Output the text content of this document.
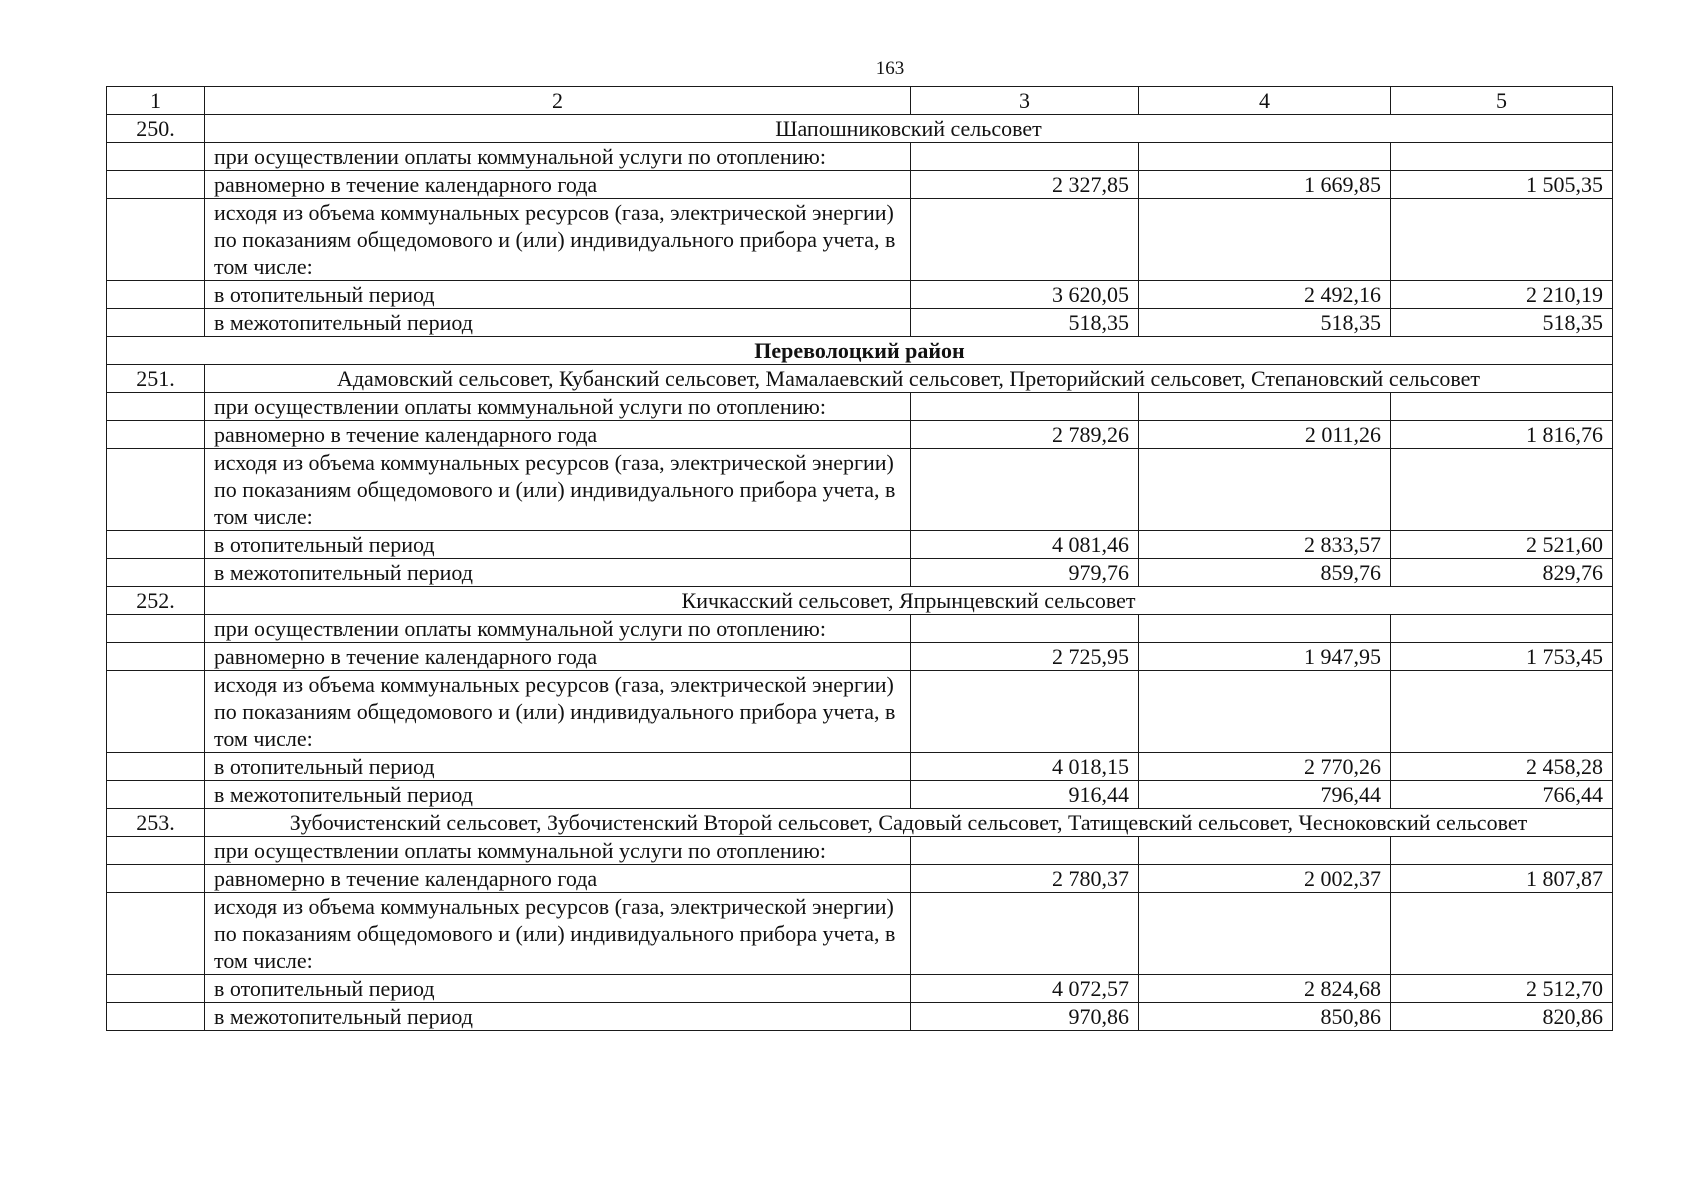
163
1	2	3	4	5
250.	Шапошниковский сельсовет			
	при осуществлении оплаты коммунальной услуги по отоплению:			
	равномерно в течение календарного года	2 327,85	1 669,85	1 505,35
	исходя из объема коммунальных ресурсов (газа, электрической энергии) по показаниям общедомового и (или) индивидуального прибора учета, в том числе:			
	в отопительный период	3 620,05	2 492,16	2 210,19
	в межотопительный период	518,35	518,35	518,35
Переволоцкий район				
251.	Адамовский сельсовет, Кубанский сельсовет, Мамалаевский сельсовет, Преторийский сельсовет, Степановский сельсовет			
	при осуществлении оплаты коммунальной услуги по отоплению:			
	равномерно в течение календарного года	2 789,26	2 011,26	1 816,76
	исходя из объема коммунальных ресурсов (газа, электрической энергии) по показаниям общедомового и (или) индивидуального прибора учета, в том числе:			
	в отопительный период	4 081,46	2 833,57	2 521,60
	в межотопительный период	979,76	859,76	829,76
252.	Кичкасский сельсовет, Япрынцевский сельсовет			
	при осуществлении оплаты коммунальной услуги по отоплению:			
	равномерно в течение календарного года	2 725,95	1 947,95	1 753,45
	исходя из объема коммунальных ресурсов (газа, электрической энергии) по показаниям общедомового и (или) индивидуального прибора учета, в том числе:			
	в отопительный период	4 018,15	2 770,26	2 458,28
	в межотопительный период	916,44	796,44	766,44
253.	Зубочистенский сельсовет, Зубочистенский Второй сельсовет, Садовый сельсовет, Татищевский сельсовет, Чесноковский сельсовет			
	при осуществлении оплаты коммунальной услуги по отоплению:			
	равномерно в течение календарного года	2 780,37	2 002,37	1 807,87
	исходя из объема коммунальных ресурсов (газа, электрической энергии) по показаниям общедомового и (или) индивидуального прибора учета, в том числе:			
	в отопительный период	4 072,57	2 824,68	2 512,70
	в межотопительный период	970,86	850,86	820,86
